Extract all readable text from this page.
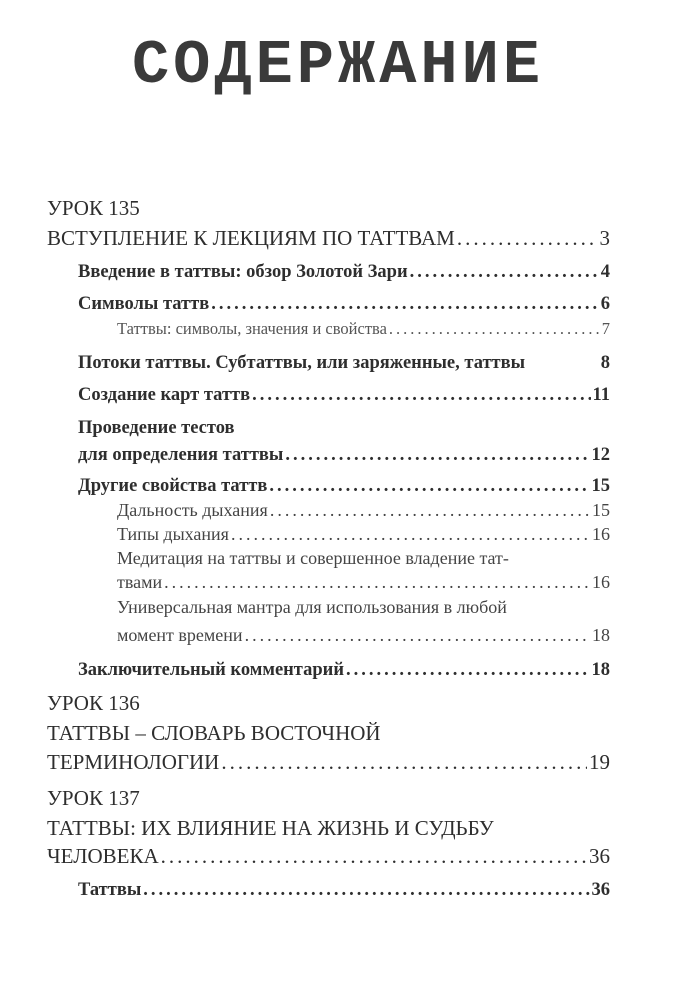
СОДЕРЖАНИЕ
УРОК 135
ВСТУПЛЕНИЕ К ЛЕКЦИЯМ ПО ТАТТВАМ .....	3
Введение в таттвы: обзор Золотой Зари .....	4
Символы таттв .....	6
Таттвы: символы, значения и свойства .....	7
Потоки таттвы. Субтаттвы, или заряженные, таттвы	8
Создание карт таттв .....	11
Проведение тестов
для определения таттвы .....	12
Другие свойства таттв .....	15
Дальность дыхания .....	15
Типы дыхания .....	16
Медитация на таттвы и совершенное владение тат-
твами .....	16
Универсальная мантра для использования в любой
момент времени .....	18
Заключительный комментарий .....	18
УРОК 136
ТАТТВЫ – СЛОВАРЬ ВОСТОЧНОЙ
ТЕРМИНОЛОГИИ .....	19
УРОК 137
ТАТТВЫ: ИХ ВЛИЯНИЕ НА ЖИЗНЬ И СУДЬБУ
ЧЕЛОВЕКА .....	36
Таттвы .....	36
